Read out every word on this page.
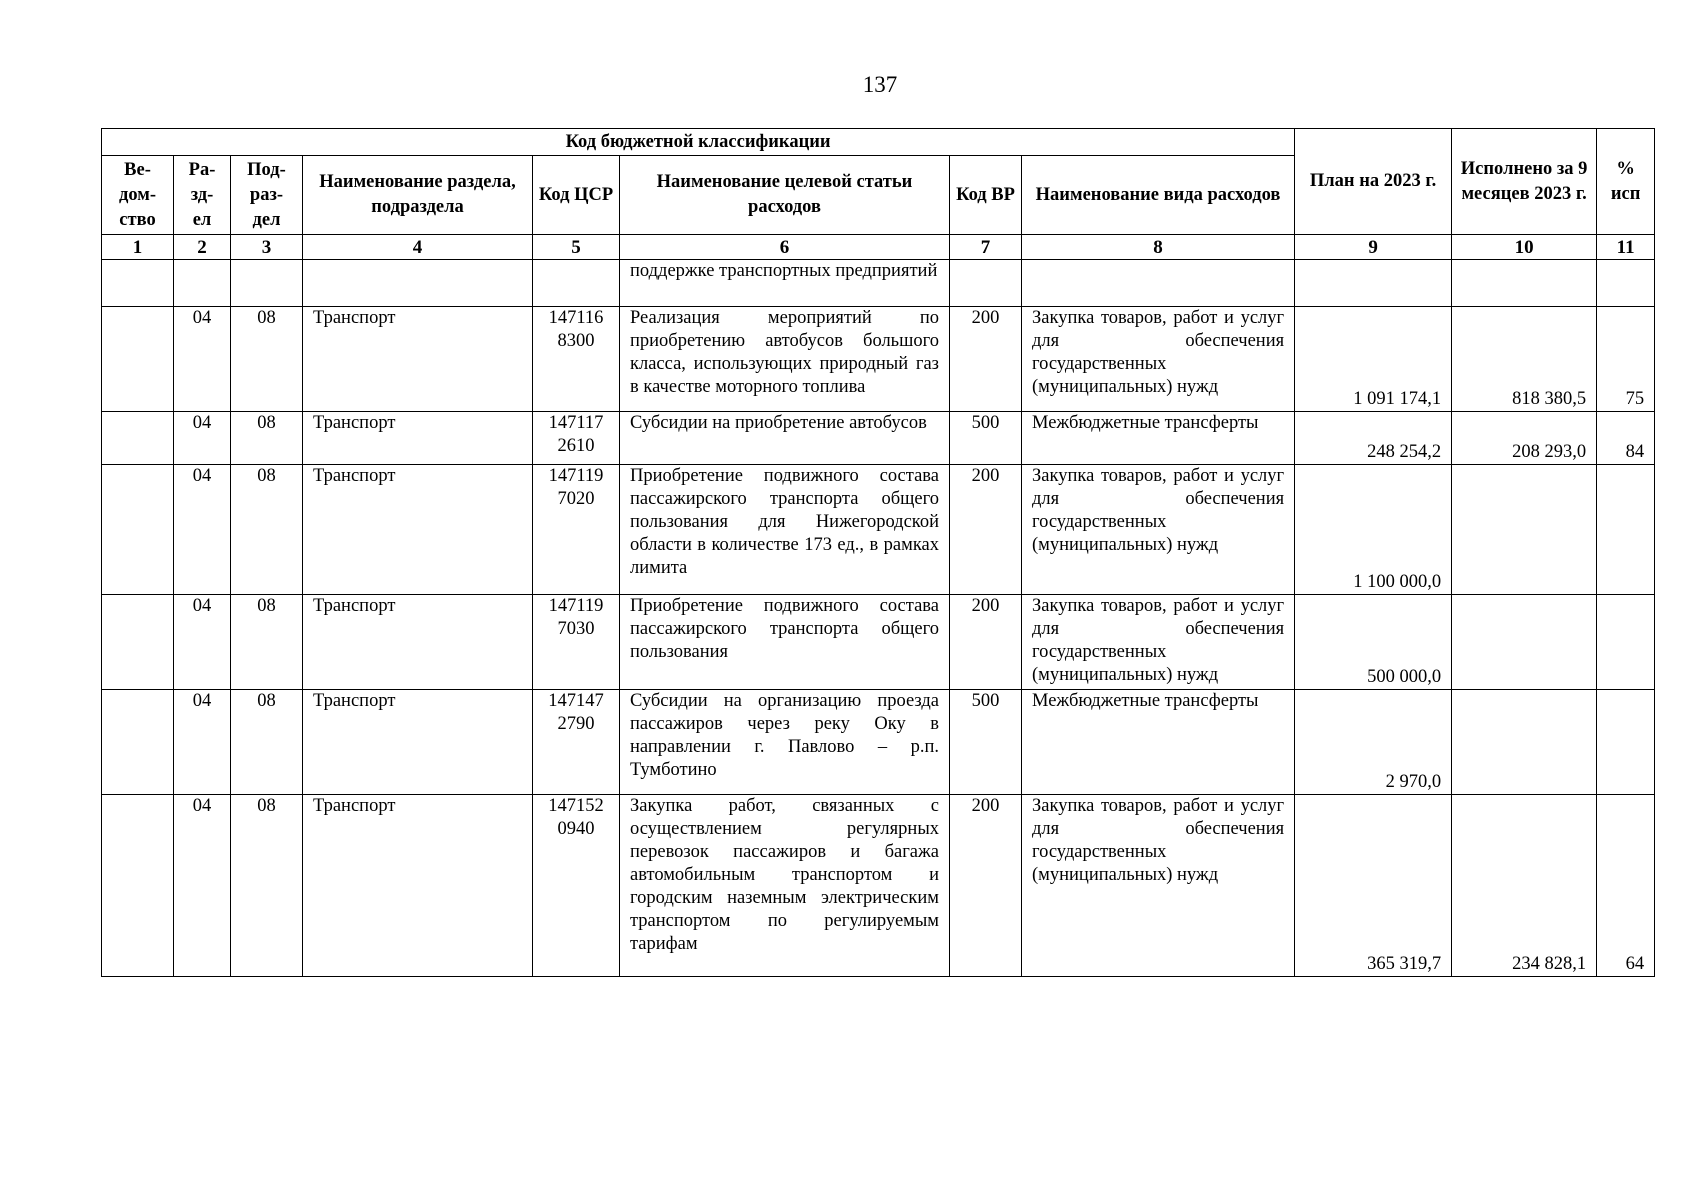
137
Код бюджетной классификации								План на 2023 г.	Исполнено за 9 месяцев 2023 г.	% исп
Ве-
дом-
ство	Ра-
зд-
ел	Под-
раз-
дел	Наименование раздела, подраздела	Код ЦСР	Наименование целевой статьи расходов	Код ВР	Наименование вида расходов			
1	2	3	4	5	6	7	8	9	10	11
					поддержке транспортных предприятий					
	04	08	Транспорт	147116 8300	Реализация мероприятий по приобретению автобусов большого класса, использующих природный газ в качестве моторного топлива	200	Закупка товаров, работ и услуг для обеспечения государственных (муниципальных) нужд	1 091 174,1	818 380,5	75
	04	08	Транспорт	147117 2610	Субсидии на приобретение автобусов	500	Межбюджетные трансферты	248 254,2	208 293,0	84
	04	08	Транспорт	147119 7020	Приобретение подвижного состава пассажирского транспорта общего пользования для Нижегородской области в количестве 173 ед., в рамках лимита	200	Закупка товаров, работ и услуг для обеспечения государственных (муниципальных) нужд	1 100 000,0		
	04	08	Транспорт	147119 7030	Приобретение подвижного состава пассажирского транспорта общего пользования	200	Закупка товаров, работ и услуг для обеспечения государственных (муниципальных) нужд	500 000,0		
	04	08	Транспорт	147147 2790	Субсидии на организацию проезда пассажиров через реку Оку в направлении г. Павлово – р.п. Тумботино	500	Межбюджетные трансферты	2 970,0		
	04	08	Транспорт	147152 0940	Закупка работ, связанных с осуществлением регулярных перевозок пассажиров и багажа автомобильным транспортом и городским наземным электрическим транспортом по регулируемым тарифам	200	Закупка товаров, работ и услуг для обеспечения государственных (муниципальных) нужд	365 319,7	234 828,1	64
